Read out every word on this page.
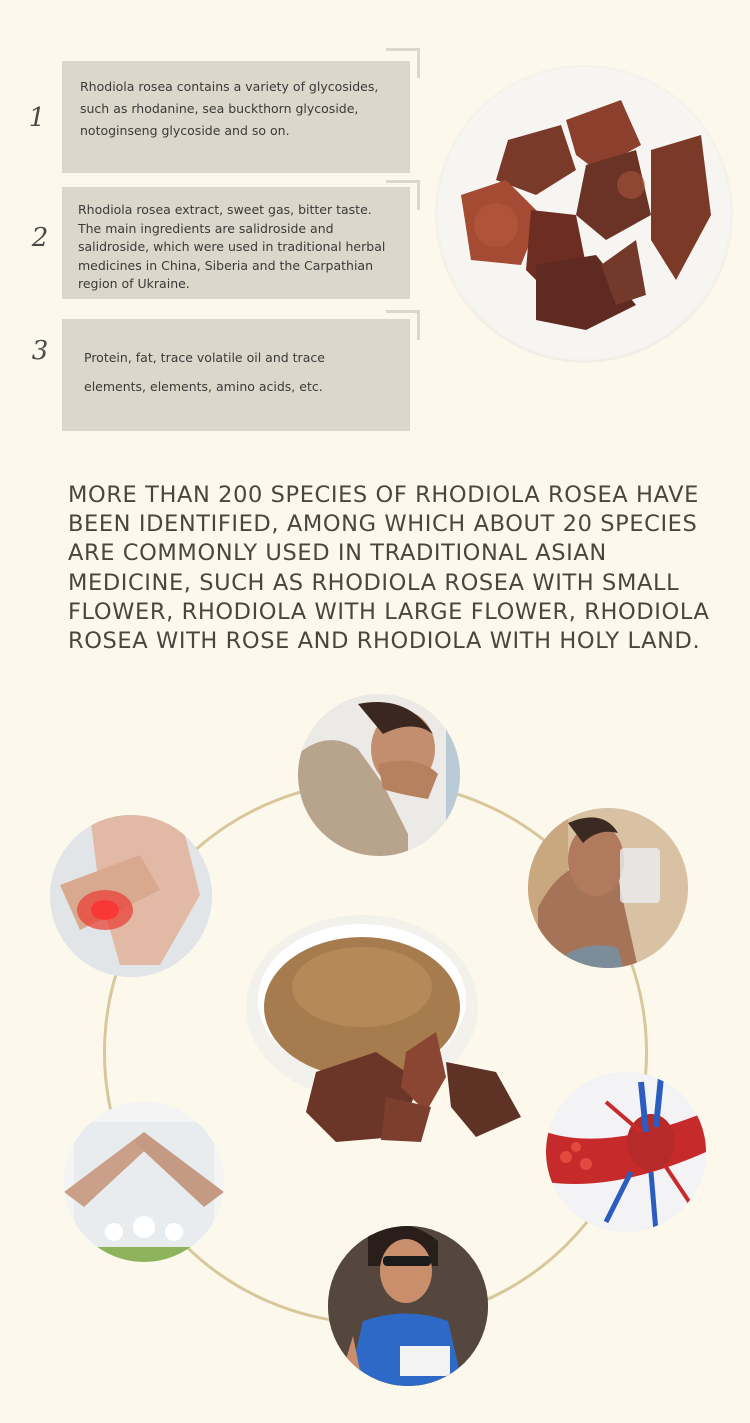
1
Rhodiola rosea contains a variety of glycosides, such as rhodanine, sea buckthorn glycoside, notoginseng glycoside and so on.
2
Rhodiola rosea extract, sweet gas, bitter taste. The main ingredients are salidroside and salidroside, which were used in traditional herbal medicines in China, Siberia and the Carpathian region of Ukraine.
3	Protein, fat, trace volatile oil and trace elements, elements, amino acids, etc.
MORE THAN 200 SPECIES OF RHODIOLA ROSEA HAVE BEEN IDENTIFIED, AMONG WHICH ABOUT 20 SPECIES ARE COMMONLY USED IN TRADITIONAL ASIAN MEDICINE, SUCH AS RHODIOLA ROSEA WITH SMALL FLOWER, RHODIOLA WITH LARGE FLOWER, RHODIOLA ROSEA WITH ROSE AND RHODIOLA WITH HOLY LAND.
